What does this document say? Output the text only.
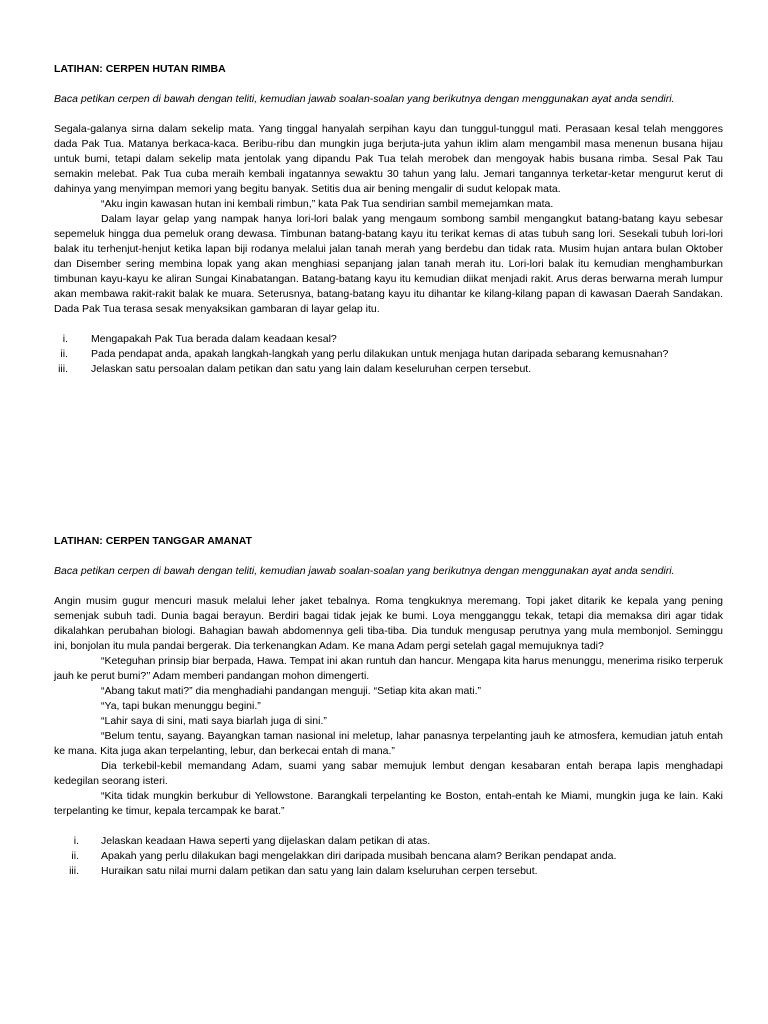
LATIHAN: CERPEN HUTAN RIMBA

Baca petikan cerpen di bawah dengan teliti, kemudian jawab soalan-soalan yang berikutnya dengan menggunakan ayat anda sendiri.

Segala-galanya sirna dalam sekelip mata. Yang tinggal hanyalah serpihan kayu dan tunggul-tunggul mati. Perasaan kesal telah menggores dada Pak Tua. Matanya berkaca-kaca. Beribu-ribu dan mungkin juga berjuta-juta yahun iklim alam mengambil masa menenun busana hijau untuk bumi, tetapi dalam sekelip mata jentolak yang dipandu Pak Tua telah merobek dan mengoyak habis busana rimba. Sesal Pak Tau semakin melebat. Pak Tua cuba meraih kembali ingatannya sewaktu 30 tahun yang lalu. Jemari tangannya terketar-ketar mengurut kerut di dahinya yang menyimpan memori yang begitu banyak. Setitis dua air bening mengalir di sudut kelopak mata.

“Aku ingin kawasan hutan ini kembali rimbun,” kata Pak Tua sendirian sambil memejamkan mata.

Dalam layar gelap yang nampak hanya lori-lori balak yang mengaum sombong sambil mengangkut batang-batang kayu sebesar sepemeluk hingga dua pemeluk orang dewasa. Timbunan batang-batang kayu itu terikat kemas di atas tubuh sang lori. Sesekali tubuh lori-lori balak itu terhenjut-henjut ketika lapan biji rodanya melalui jalan tanah merah yang berdebu dan tidak rata. Musim hujan antara bulan Oktober dan Disember sering membina lopak yang akan menghiasi sepanjang jalan tanah merah itu. Lori-lori balak itu kemudian menghamburkan timbunan kayu-kayu ke aliran Sungai Kinabatangan. Batang-batang kayu itu kemudian diikat menjadi rakit. Arus deras berwarna merah lumpur akan membawa rakit-rakit balak ke muara. Seterusnya, batang-batang kayu itu dihantar ke kilang-kilang papan di kawasan Daerah Sandakan. Dada Pak Tua terasa sesak menyaksikan gambaran di layar gelap itu.

i. Mengapakah Pak Tua berada dalam keadaan kesal?
ii. Pada pendapat anda, apakah langkah-langkah yang perlu dilakukan untuk menjaga hutan daripada sebarang kemusnahan?
iii. Jelaskan satu persoalan dalam petikan dan satu yang lain dalam keseluruhan cerpen tersebut.

LATIHAN: CERPEN TANGGAR AMANAT

Baca petikan cerpen di bawah dengan teliti, kemudian jawab soalan-soalan yang berikutnya dengan menggunakan ayat anda sendiri.

Angin musim gugur mencuri masuk melalui leher jaket tebalnya. Roma tengkuknya meremang. Topi jaket ditarik ke kepala yang pening semenjak subuh tadi. Dunia bagai berayun. Berdiri bagai tidak jejak ke bumi. Loya mengganggu tekak, tetapi dia memaksa diri agar tidak dikalahkan perubahan biologi. Bahagian bawah abdomennya geli tiba-tiba. Dia tunduk mengusap perutnya yang mula membonjol. Seminggu ini, bonjolan itu mula pandai bergerak. Dia terkenangkan Adam. Ke mana Adam pergi setelah gagal memujuknya tadi?

“Keteguhan prinsip biar berpada, Hawa. Tempat ini akan runtuh dan hancur. Mengapa kita harus menunggu, menerima risiko terperuk jauh ke perut bumi?’’ Adam memberi pandangan mohon dimengerti.

“Abang takut mati?” dia menghadiahi pandangan menguji. “Setiap kita akan mati.”

“Ya, tapi bukan menunggu begini.”

“Lahir saya di sini, mati saya biarlah juga di sini.”

“Belum tentu, sayang. Bayangkan taman nasional ini meletup, lahar panasnya terpelanting jauh ke atmosfera, kemudian jatuh entah ke mana. Kita juga akan terpelanting, lebur, dan berkecai entah di mana.”

Dia terkebil-kebil memandang Adam, suami yang sabar memujuk lembut dengan kesabaran entah berapa lapis menghadapi kedegilan seorang isteri.

“Kita tidak mungkin berkubur di Yellowstone. Barangkali terpelanting ke Boston, entah-entah ke Miami, mungkin juga ke lain. Kaki terpelanting ke timur, kepala tercampak ke barat.”

i. Jelaskan keadaan Hawa seperti yang dijelaskan dalam petikan di atas.
ii. Apakah yang perlu dilakukan bagi mengelakkan diri daripada musibah bencana alam? Berikan pendapat anda.
iii. Huraikan satu nilai murni dalam petikan dan satu yang lain dalam kseluruhan cerpen tersebut.
